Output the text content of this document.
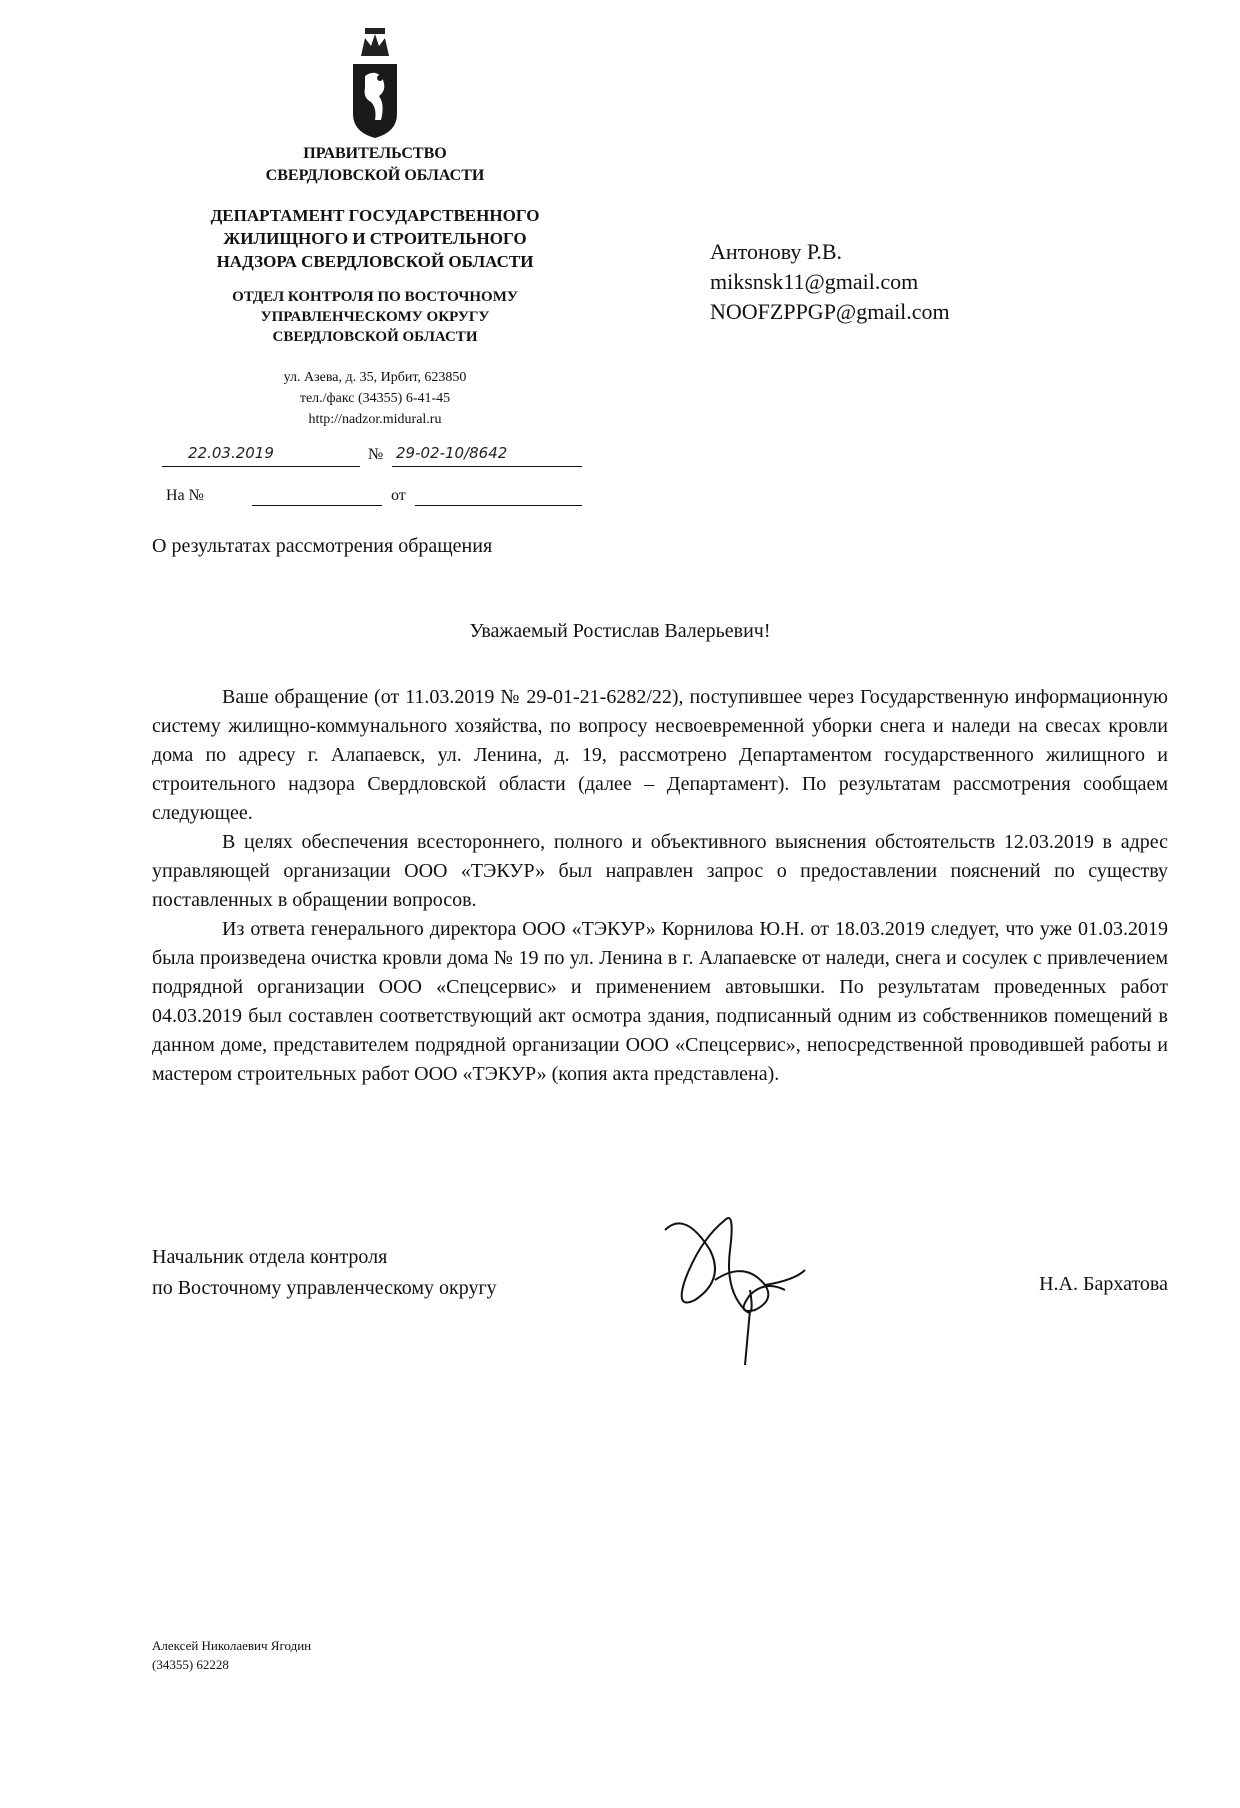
ПРАВИТЕЛЬСТВО
СВЕРДЛОВСКОЙ ОБЛАСТИ
ДЕПАРТАМЕНТ ГОСУДАРСТВЕННОГО
ЖИЛИЩНОГО И СТРОИТЕЛЬНОГО
НАДЗОРА СВЕРДЛОВСКОЙ ОБЛАСТИ
ОТДЕЛ КОНТРОЛЯ ПО ВОСТОЧНОМУ
УПРАВЛЕНЧЕСКОМУ ОКРУГУ
СВЕРДЛОВСКОЙ ОБЛАСТИ
ул. Азева, д. 35, Ирбит, 623850
тел./факс (34355) 6-41-45
http://nadzor.midural.ru
22.03.2019	№ 29-02-10/8642
На №	от
Антонову Р.В.
miksnsk11@gmail.com
NOOFZPPGP@gmail.com
О результатах рассмотрения обращения
Уважаемый Ростислав Валерьевич!

Ваше обращение (от 11.03.2019 № 29-01-21-6282/22), поступившее через Государственную информационную систему жилищно-коммунального хозяйства, по вопросу несвоевременной уборки снега и наледи на свесах кровли дома по адресу г. Алапаевск, ул. Ленина, д. 19, рассмотрено Департаментом государственного жилищного и строительного надзора Свердловской области (далее – Департамент). По результатам рассмотрения сообщаем следующее.

В целях обеспечения всестороннего, полного и объективного выяснения обстоятельств 12.03.2019 в адрес управляющей организации ООО «ТЭКУР» был направлен запрос о предоставлении пояснений по существу поставленных в обращении вопросов.

Из ответа генерального директора ООО «ТЭКУР» Корнилова Ю.Н. от 18.03.2019 следует, что уже 01.03.2019 была произведена очистка кровли дома № 19 по ул. Ленина в г. Алапаевске от наледи, снега и сосулек с привлечением подрядной организации ООО «Спецсервис» и применением автовышки. По результатам проведенных работ 04.03.2019 был составлен соответствующий акт осмотра здания, подписанный одним из собственников помещений в данном доме, представителем подрядной организации ООО «Спецсервис», непосредственной проводившей работы и мастером строительных работ ООО «ТЭКУР» (копия акта представлена).

Начальник отдела контроля
по Восточному управленческому округу	Н.А. Бархатова
Алексей Николаевич Ягодин
(34355) 62228
